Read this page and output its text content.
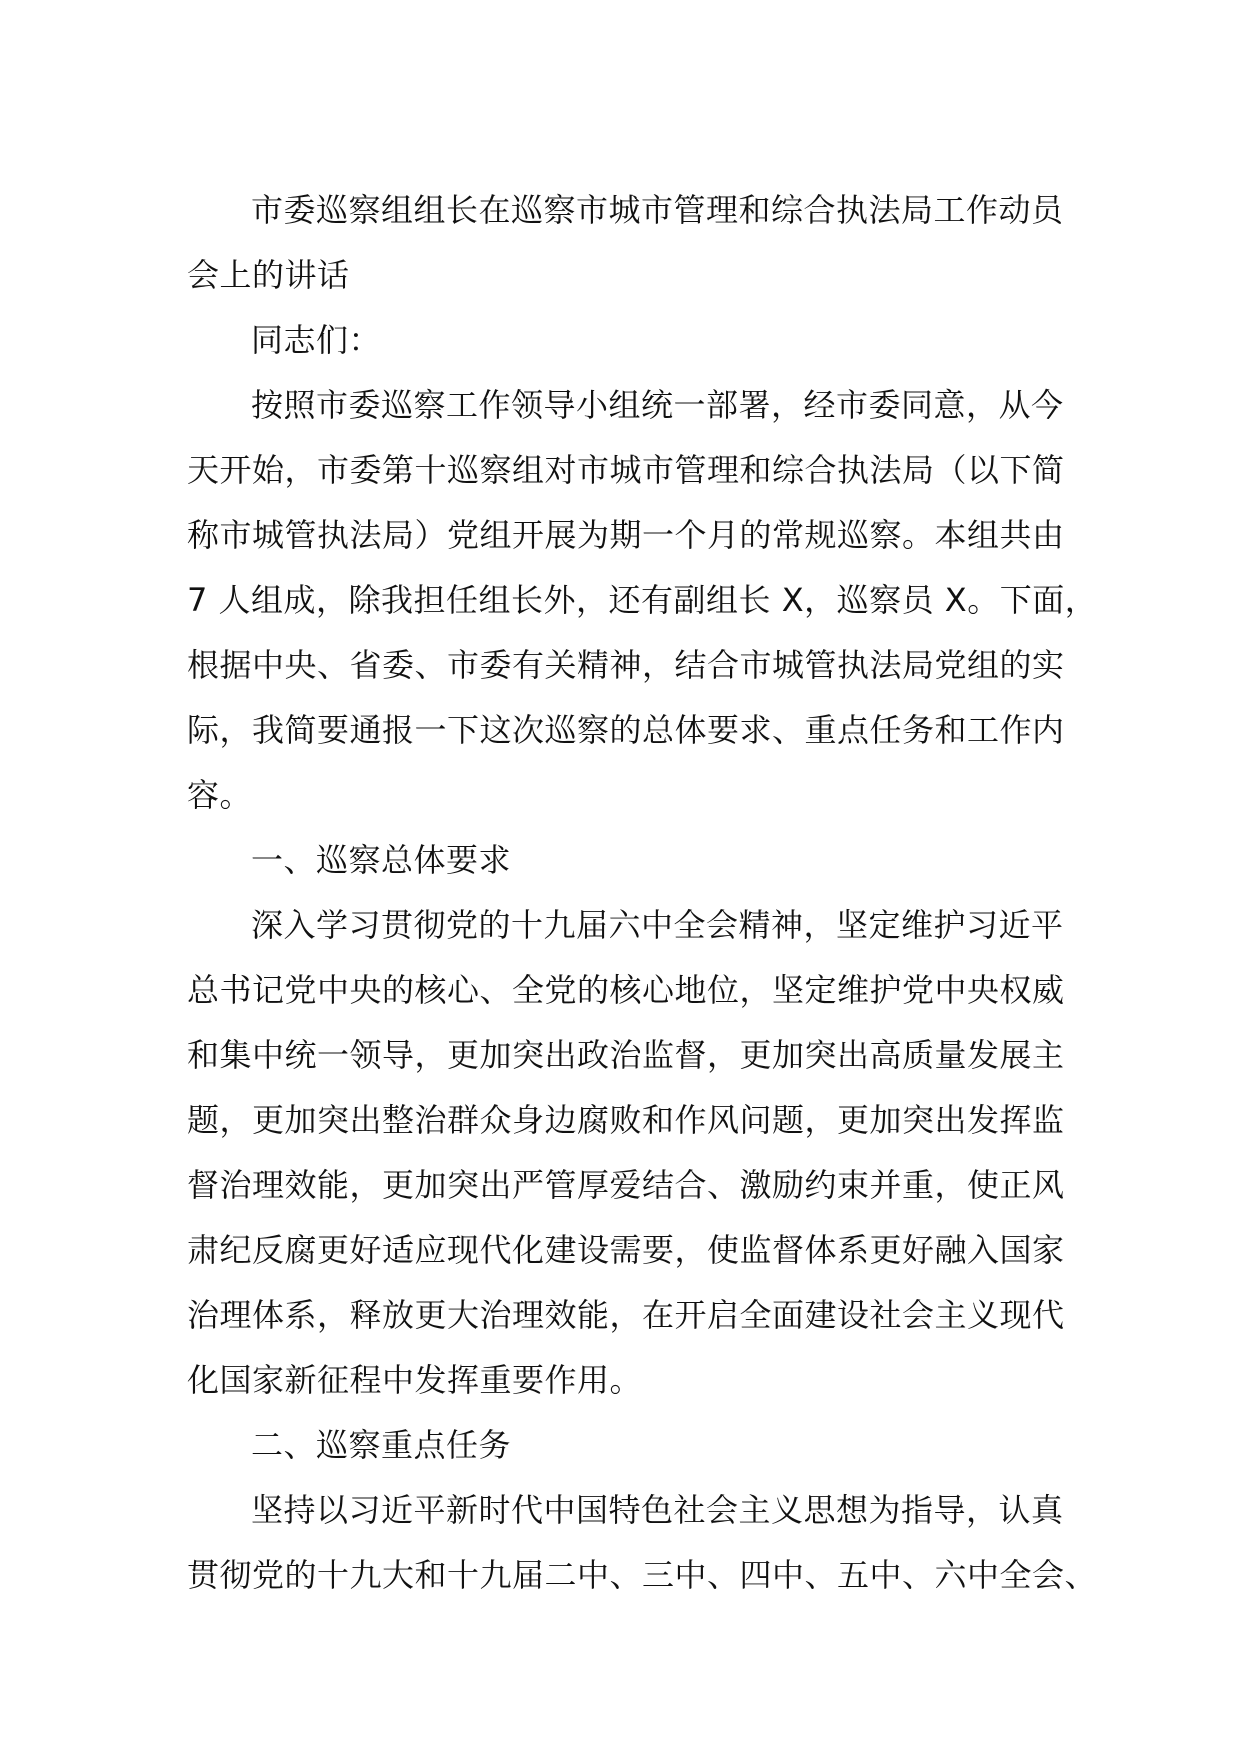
市委巡察组组长在巡察市城市管理和综合执法局工作动员
会上的讲话
同志们：
按照市委巡察工作领导小组统一部署，经市委同意，从今
天开始，市委第十巡察组对市城市管理和综合执法局（以下简
称市城管执法局）党组开展为期一个月的常规巡察。本组共由
7 人组成，除我担任组长外，还有副组长 X，巡察员 X。下面，
根据中央、省委、市委有关精神，结合市城管执法局党组的实
际，我简要通报一下这次巡察的总体要求、重点任务和工作内
容。
一、巡察总体要求
深入学习贯彻党的十九届六中全会精神，坚定维护习近平
总书记党中央的核心、全党的核心地位，坚定维护党中央权威
和集中统一领导，更加突出政治监督，更加突出高质量发展主
题，更加突出整治群众身边腐败和作风问题，更加突出发挥监
督治理效能，更加突出严管厚爱结合、激励约束并重，使正风
肃纪反腐更好适应现代化建设需要，使监督体系更好融入国家
治理体系，释放更大治理效能，在开启全面建设社会主义现代
化国家新征程中发挥重要作用。
二、巡察重点任务
坚持以习近平新时代中国特色社会主义思想为指导，认真
贯彻党的十九大和十九届二中、三中、四中、五中、六中全会、
